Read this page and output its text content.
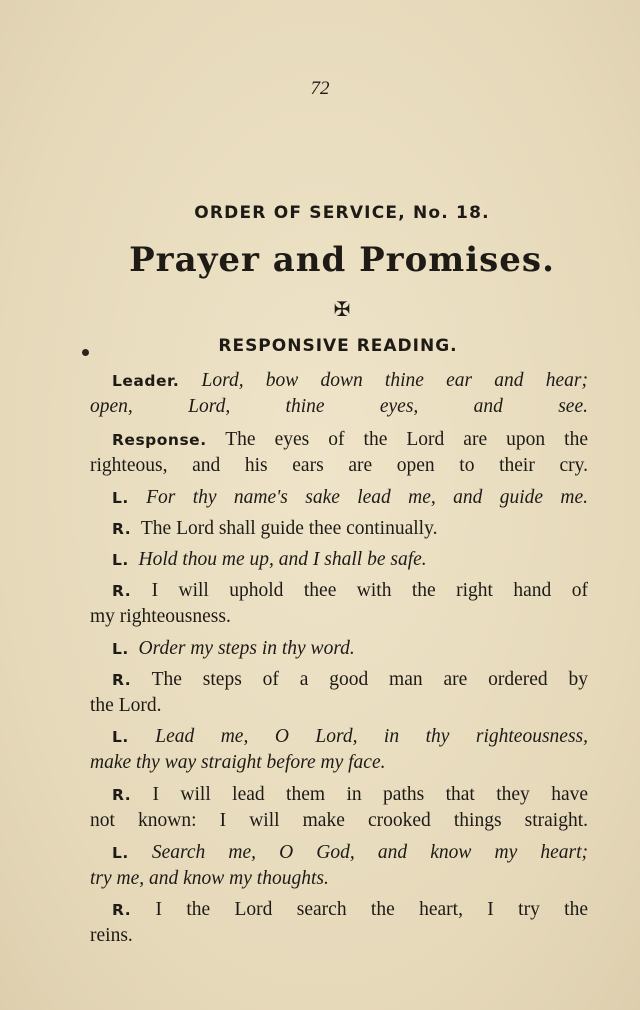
72
ORDER OF SERVICE, No. 18.
Prayer and Promises.
✠
RESPONSIVE READING.
Leader. Lord, bow down thine ear and hear;
open, Lord, thine eyes, and see.
Response. The eyes of the Lord are upon the
righteous, and his ears are open to their cry.
L. For thy name's sake lead me, and guide me.
R. The Lord shall guide thee continually.
L. Hold thou me up, and I shall be safe.
R. I will uphold thee with the right hand of
my righteousness.
L. Order my steps in thy word.
R. The steps of a good man are ordered by
the Lord.
L. Lead me, O Lord, in thy righteousness,
make thy way straight before my face.
R. I will lead them in paths that they have
not known: I will make crooked things straight.
L. Search me, O God, and know my heart;
try me, and know my thoughts.
R. I the Lord search the heart, I try the
reins.
